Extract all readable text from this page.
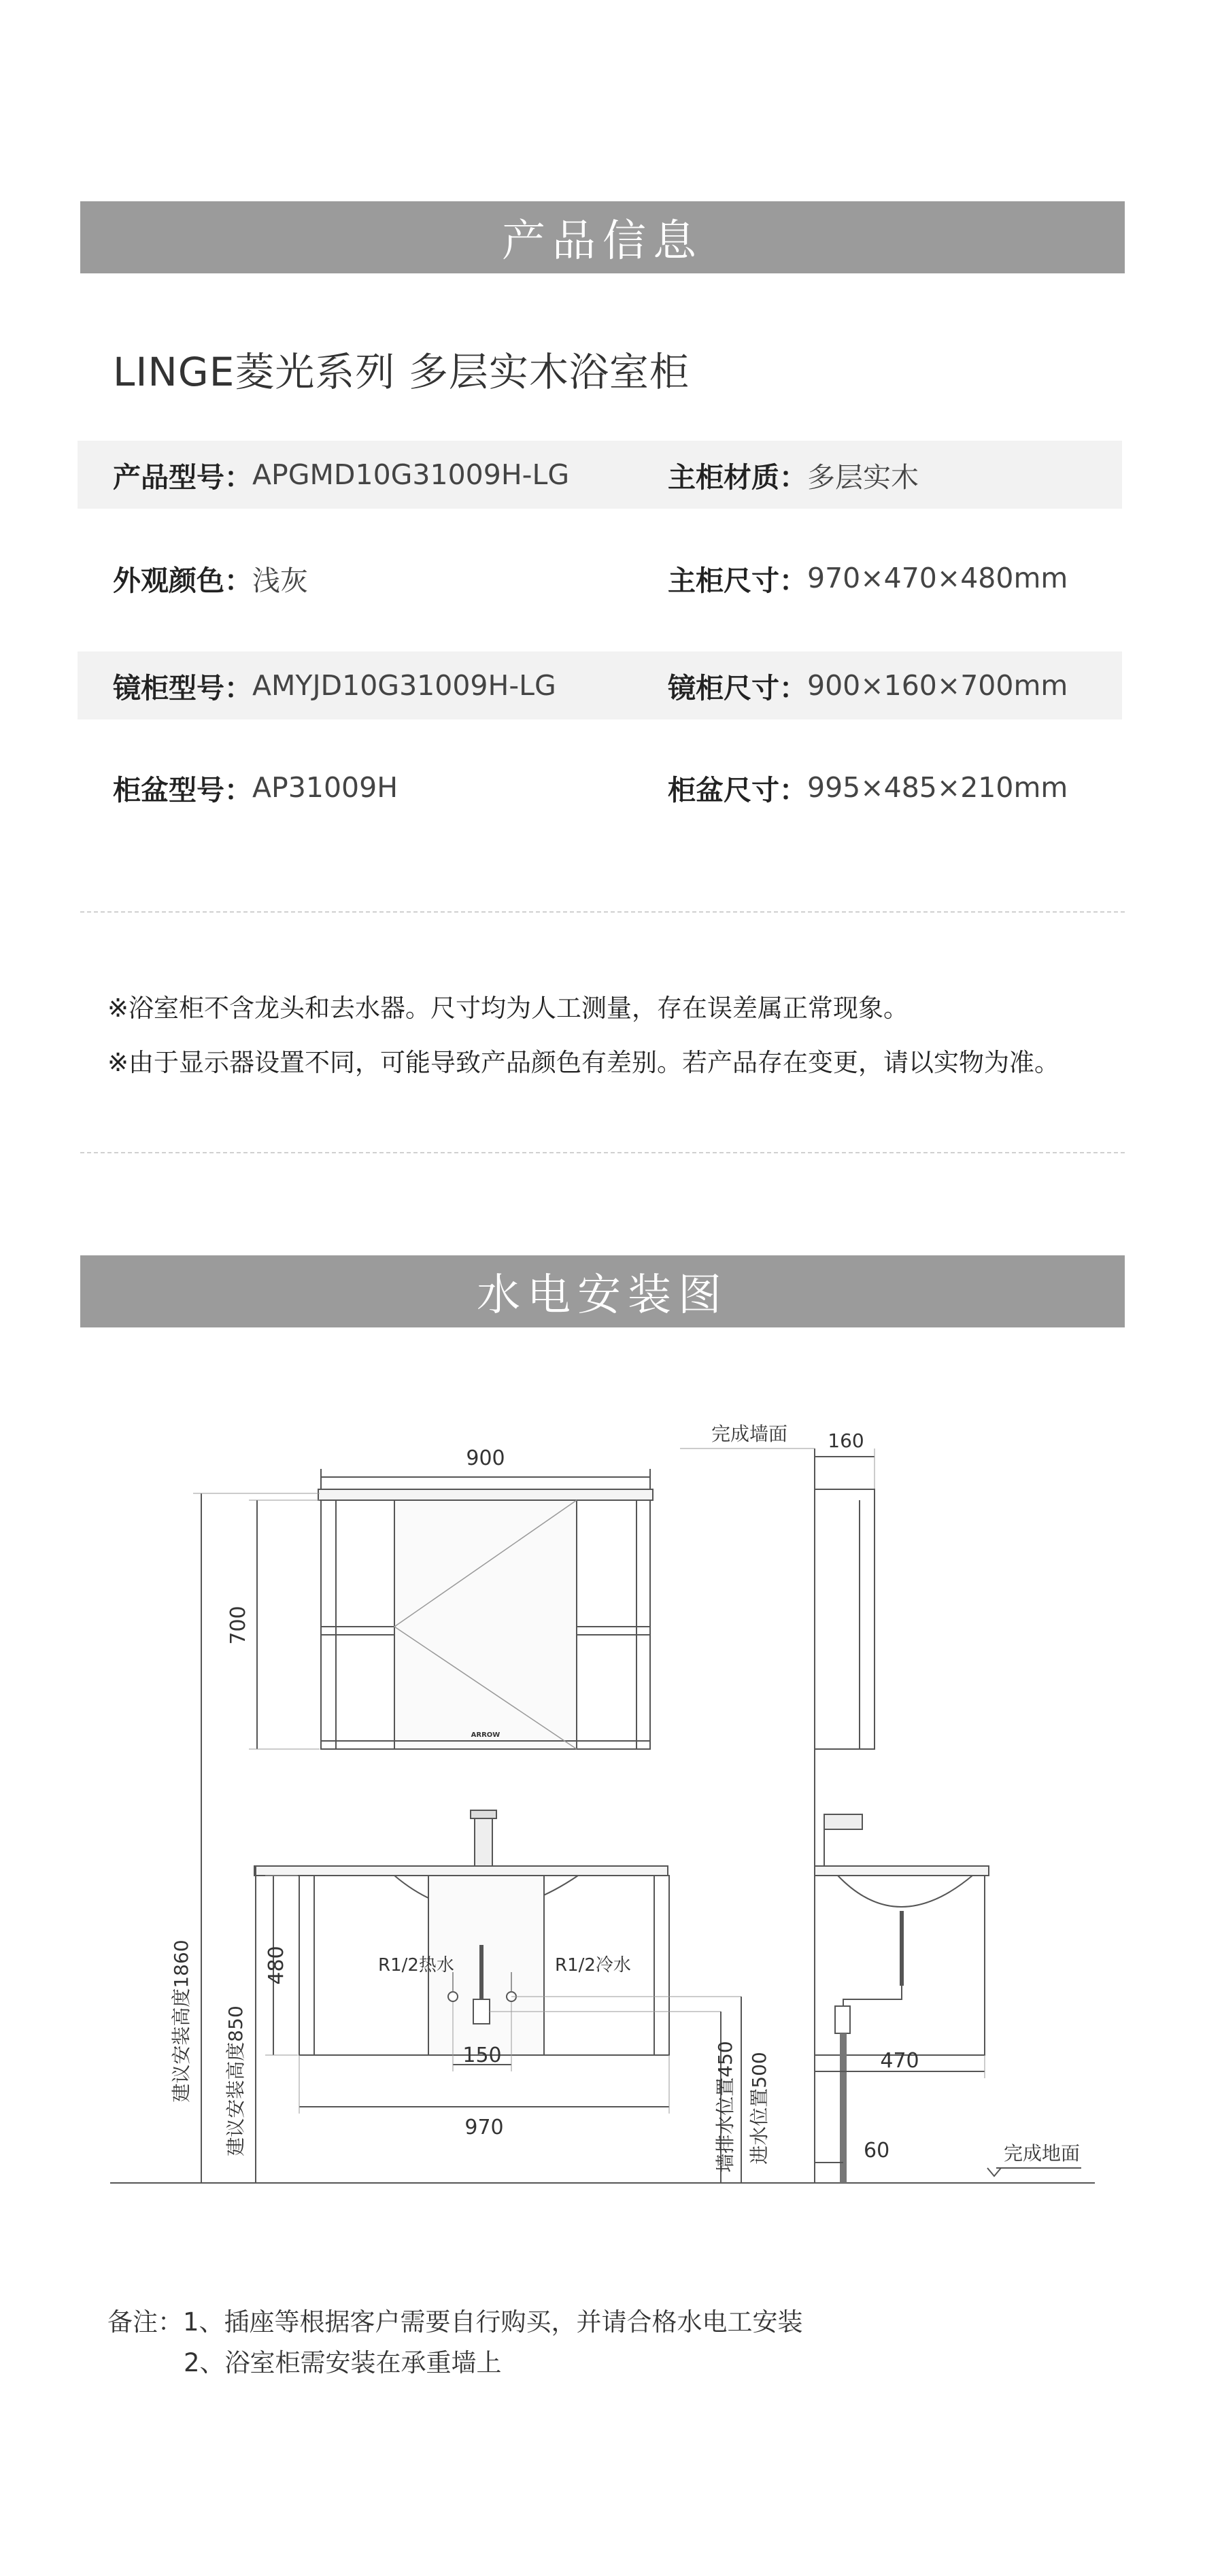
产品信息
LINGE菱光系列 多层实木浴室柜
产品型号： APGMD10G31009H-LG	主柜材质： 多层实木
外观颜色： 浅灰	主柜尺寸： 970×470×480mm
镜柜型号： AMYJD10G31009H-LG	镜柜尺寸： 900×160×700mm
柜盆型号： AP31009H	柜盆尺寸： 995×485×210mm
※浴室柜不含龙头和去水器。尺寸均为人工测量，存在误差属正常现象。
※由于显示器设置不同，可能导致产品颜色有差别。若产品存在变更，请以实物为准。
水电安装图
900
700
完成墙面 160
ARROW
480	R1/2热水	R1/2冷水
150
970
470
60	完成地面
建议安装高度1860 建议安装高度850	墙排水位置450 进水位置500
备注：1、插座等根据客户需要自行购买，并请合格水电工安装
2、浴室柜需安装在承重墙上
